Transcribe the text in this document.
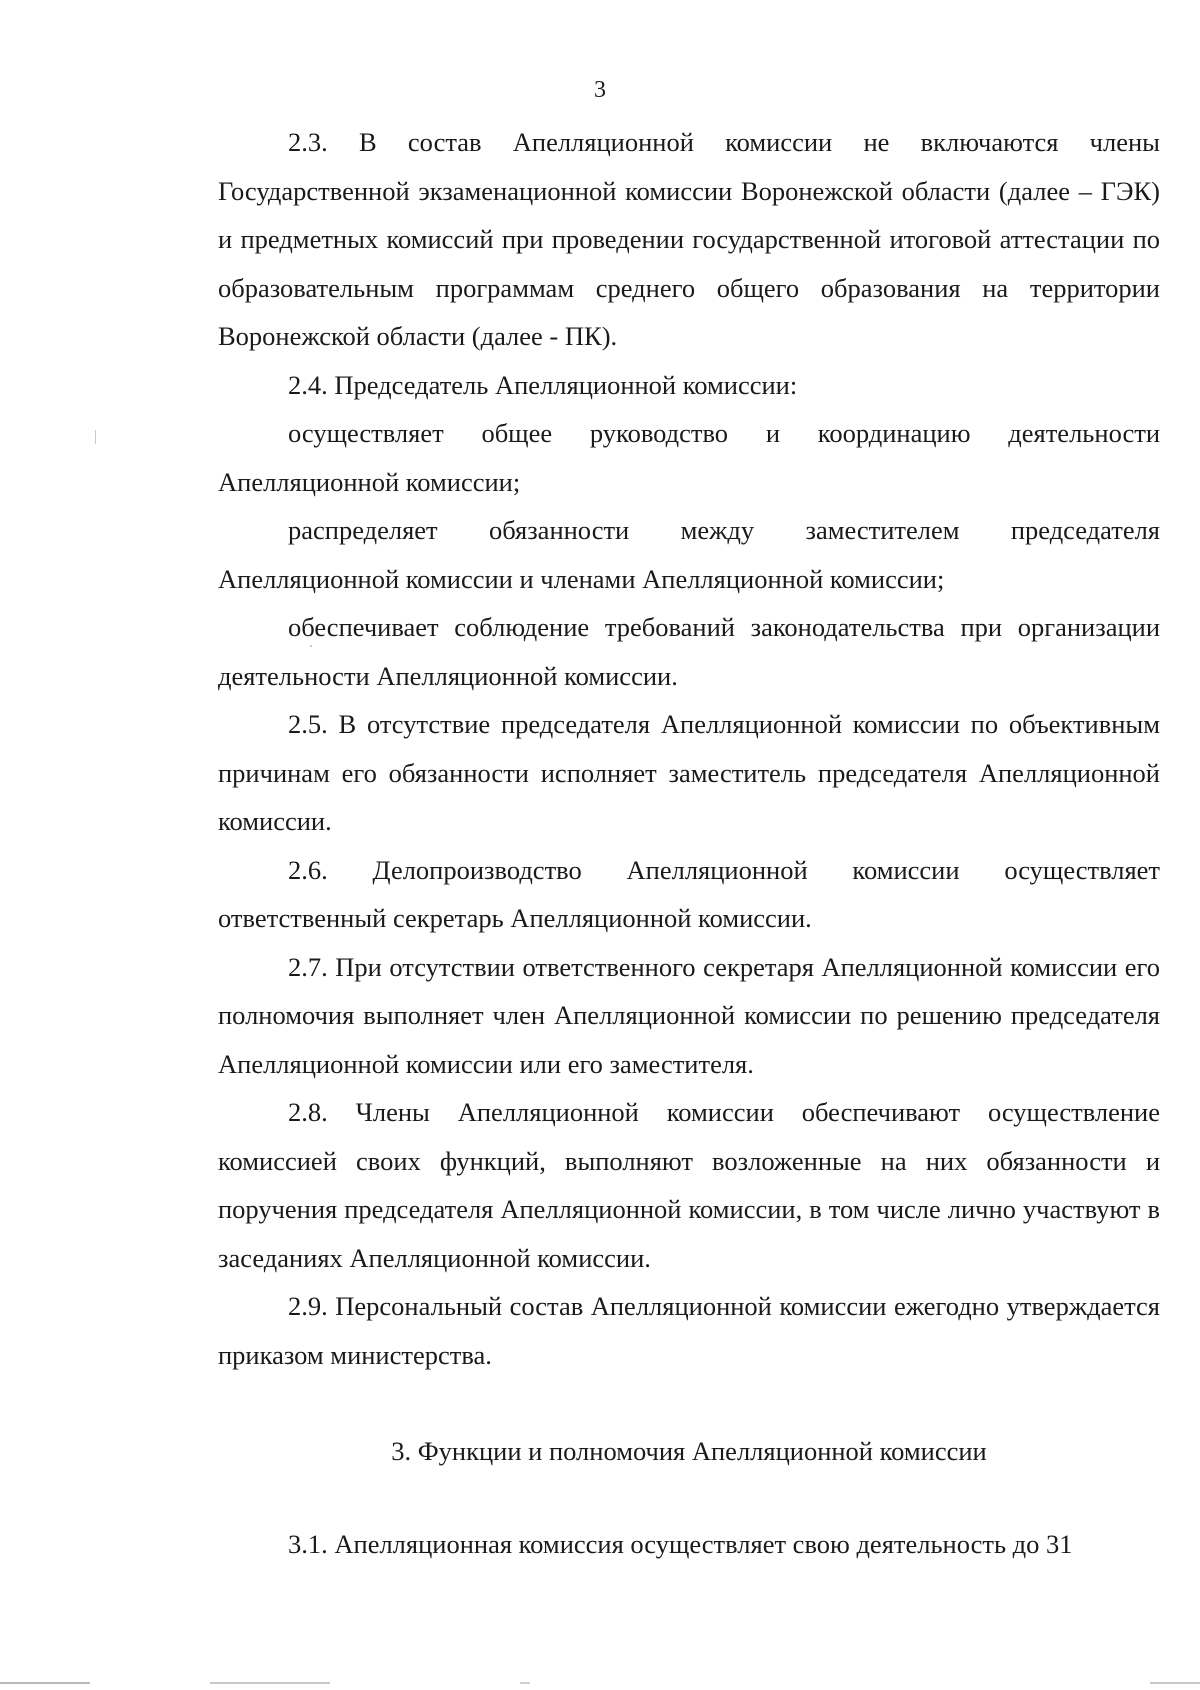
3

2.3. В состав Апелляционной комиссии не включаются члены Государственной экзаменационной комиссии Воронежской области (далее – ГЭК) и предметных комиссий при проведении государственной итоговой аттестации по образовательным программам среднего общего образования на территории Воронежской области (далее - ПК).

2.4. Председатель Апелляционной комиссии:

осуществляет общее руководство и координацию деятельности Апелляционной комиссии;

распределяет обязанности между заместителем председателя Апелляционной комиссии и членами Апелляционной комиссии;

обеспечивает соблюдение требований законодательства при организации деятельности Апелляционной комиссии.

2.5. В отсутствие председателя Апелляционной комиссии по объективным причинам его обязанности исполняет заместитель председателя Апелляционной комиссии.

2.6. Делопроизводство Апелляционной комиссии осуществляет ответственный секретарь Апелляционной комиссии.

2.7. При отсутствии ответственного секретаря Апелляционной комиссии его полномочия выполняет член Апелляционной комиссии по решению председателя Апелляционной комиссии или его заместителя.

2.8. Члены Апелляционной комиссии обеспечивают осуществление комиссией своих функций, выполняют возложенные на них обязанности и поручения председателя Апелляционной комиссии, в том числе лично участвуют в заседаниях Апелляционной комиссии.

2.9. Персональный состав Апелляционной комиссии ежегодно утверждается приказом министерства.

3. Функции и полномочия Апелляционной комиссии

3.1. Апелляционная комиссия осуществляет свою деятельность до 31
